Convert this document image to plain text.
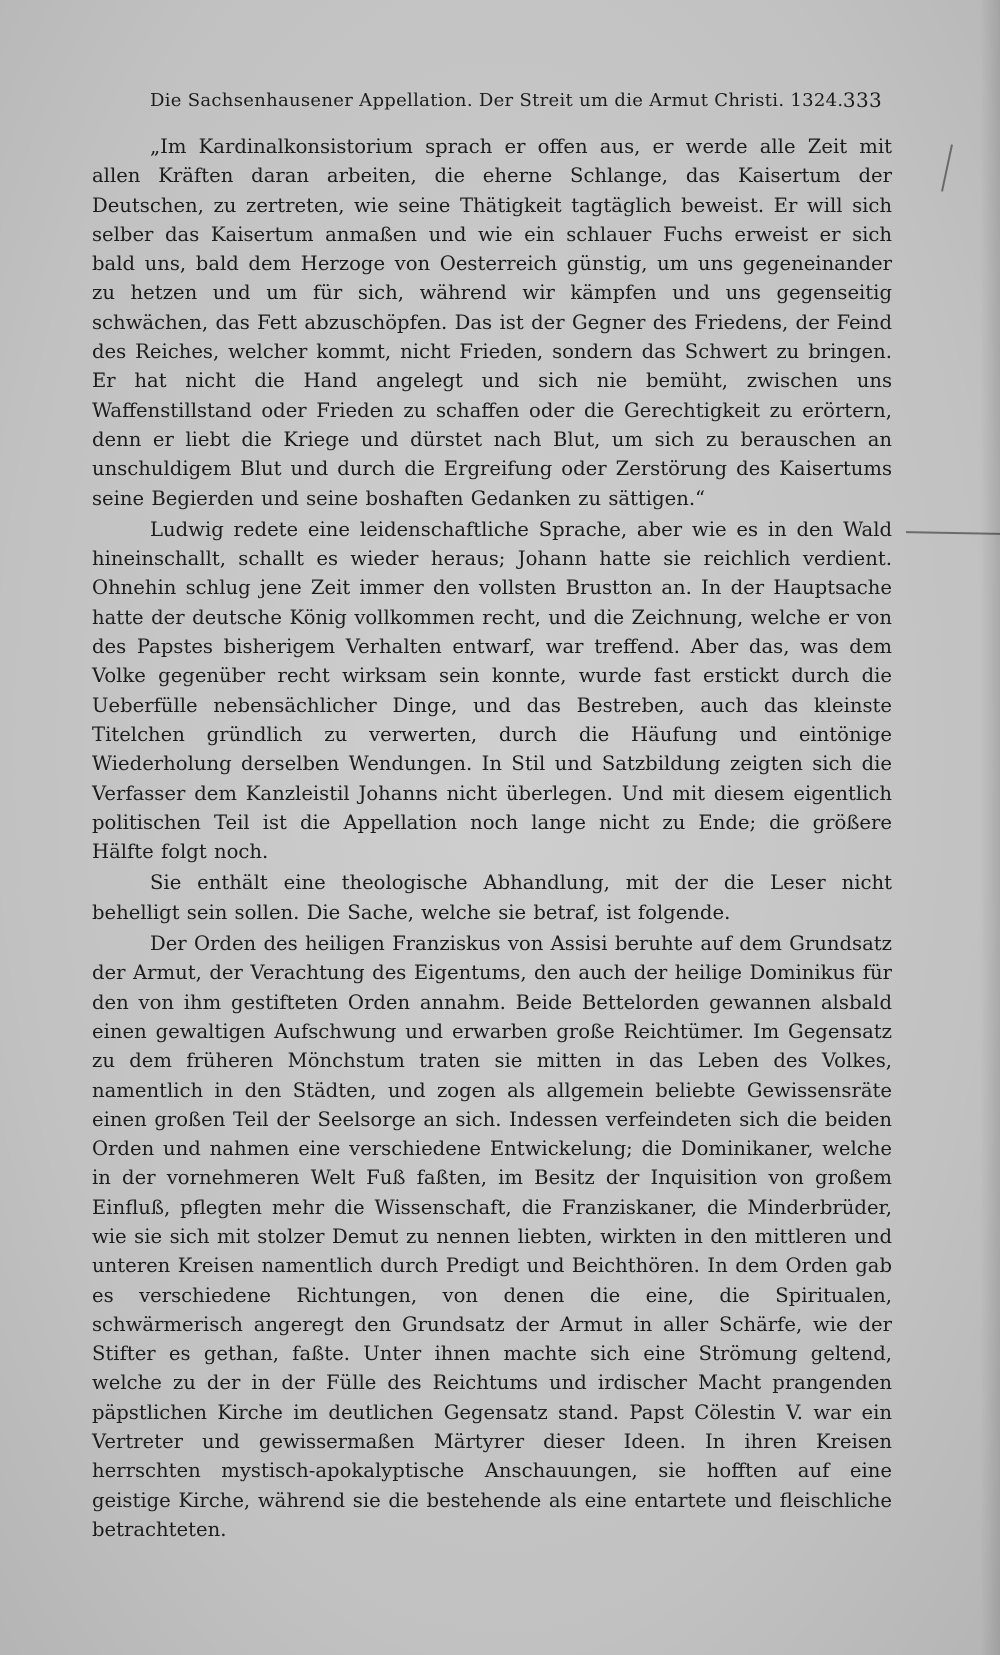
Die Sachsenhausener Appellation. Der Streit um die Armut Christi. 1324. 333

„Im Kardinalkonsistorium sprach er offen aus, er werde alle Zeit mit allen Kräften daran arbeiten, die eherne Schlange, das Kaisertum der Deutschen, zu zertreten, wie seine Thätigkeit tagtäglich beweist. Er will sich selber das Kaisertum anmaßen und wie ein schlauer Fuchs erweist er sich bald uns, bald dem Herzoge von Oesterreich günstig, um uns gegeneinander zu hetzen und um für sich, während wir kämpfen und uns gegenseitig schwächen, das Fett abzuschöpfen. Das ist der Gegner des Friedens, der Feind des Reiches, welcher kommt, nicht Frieden, sondern das Schwert zu bringen. Er hat nicht die Hand angelegt und sich nie bemüht, zwischen uns Waffenstillstand oder Frieden zu schaffen oder die Gerechtigkeit zu erörtern, denn er liebt die Kriege und dürstet nach Blut, um sich zu berauschen an unschuldigem Blut und durch die Ergreifung oder Zerstörung des Kaisertums seine Begierden und seine boshaften Gedanken zu sättigen.“

Ludwig redete eine leidenschaftliche Sprache, aber wie es in den Wald hineinschallt, schallt es wieder heraus; Johann hatte sie reichlich verdient. Ohnehin schlug jene Zeit immer den vollsten Brustton an. In der Hauptsache hatte der deutsche König vollkommen recht, und die Zeichnung, welche er von des Papstes bisherigem Verhalten entwarf, war treffend. Aber das, was dem Volke gegenüber recht wirksam sein konnte, wurde fast erstickt durch die Ueberfülle nebensächlicher Dinge, und das Bestreben, auch das kleinste Titelchen gründlich zu verwerten, durch die Häufung und eintönige Wiederholung derselben Wendungen. In Stil und Satzbildung zeigten sich die Verfasser dem Kanzleistil Johanns nicht überlegen. Und mit diesem eigentlich politischen Teil ist die Appellation noch lange nicht zu Ende; die größere Hälfte folgt noch.

Sie enthält eine theologische Abhandlung, mit der die Leser nicht behelligt sein sollen. Die Sache, welche sie betraf, ist folgende.

Der Orden des heiligen Franziskus von Assisi beruhte auf dem Grundsatz der Armut, der Verachtung des Eigentums, den auch der heilige Dominikus für den von ihm gestifteten Orden annahm. Beide Bettelorden gewannen alsbald einen gewaltigen Aufschwung und erwarben große Reichtümer. Im Gegensatz zu dem früheren Mönchstum traten sie mitten in das Leben des Volkes, namentlich in den Städten, und zogen als allgemein beliebte Gewissensräte einen großen Teil der Seelsorge an sich. Indessen verfeindeten sich die beiden Orden und nahmen eine verschiedene Entwickelung; die Dominikaner, welche in der vornehmeren Welt Fuß faßten, im Besitz der Inquisition von großem Einfluß, pflegten mehr die Wissenschaft, die Franziskaner, die Minderbrüder, wie sie sich mit stolzer Demut zu nennen liebten, wirkten in den mittleren und unteren Kreisen namentlich durch Predigt und Beichthören. In dem Orden gab es verschiedene Richtungen, von denen die eine, die Spiritualen, schwärmerisch angeregt den Grundsatz der Armut in aller Schärfe, wie der Stifter es gethan, faßte. Unter ihnen machte sich eine Strömung geltend, welche zu der in der Fülle des Reichtums und irdischer Macht prangenden päpstlichen Kirche im deutlichen Gegensatz stand. Papst Cölestin V. war ein Vertreter und gewissermaßen Märtyrer dieser Ideen. In ihren Kreisen herrschten mystisch-apokalyptische Anschauungen, sie hofften auf eine geistige Kirche, während sie die bestehende als eine entartete und fleischliche betrachteten.
